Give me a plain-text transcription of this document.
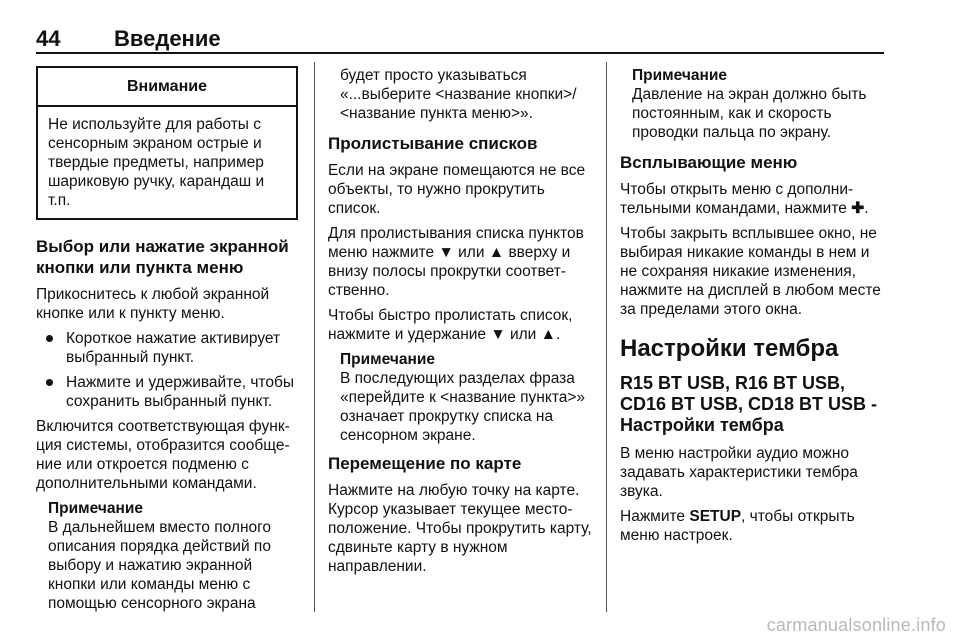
44 Введение
Внимание
Не используйте для работы с сенсорным экраном острые и твердые предметы, например шариковую ручку, карандаш и т.п.
Выбор или нажатие экранной кнопки или пункта меню

Прикоснитесь к любой экранной кнопке или к пункту меню.

Короткое нажатие активирует выбранный пункт.
Нажмите и удерживайте, чтобы сохранить выбранный пункт.

Включится соответствующая функция системы, отобразится сообщение или откроется подменю с дополнительными командами.

Примечание
В дальнейшем вместо полного описания порядка действий по выбору и нажатию экранной кнопки или команды меню с помощью сенсорного экрана

будет просто указываться «...выберите <название кнопки>/ <название пункта меню>».

Пролистывание списков

Если на экране помещаются не все объекты, то нужно прокрутить список.

Для пролистывания списка пунктов меню нажмите ▼ или ▲ вверху и внизу полосы прокрутки соответственно.

Чтобы быстро пролистать список, нажмите и удержание ▼ или ▲.

Примечание
В последующих разделах фраза «перейдите к <название пункта>» означает прокрутку списка на сенсорном экране.
Перемещение по карте

Нажмите на любую точку на карте. Курсор указывает текущее местоположение. Чтобы прокрутить карту, сдвиньте карту в нужном направлении.

Примечание
Давление на экран должно быть постоянным, как и скорость проводки пальца по экрану.
Всплывающие меню

Чтобы открыть меню с дополнительными командами, нажмите ✚.

Чтобы закрыть всплывшее окно, не выбирая никакие команды в нем и не сохраняя никакие изменения, нажмите на дисплей в любом месте за пределами этого окна.

Настройки тембра
R15 BT USB, R16 BT USB, CD16 BT USB, CD18 BT USB - Настройки тембра

В меню настройки аудио можно задавать характеристики тембра звука.

Нажмите SETUP, чтобы открыть меню настроек.

carmanualsonline.info
